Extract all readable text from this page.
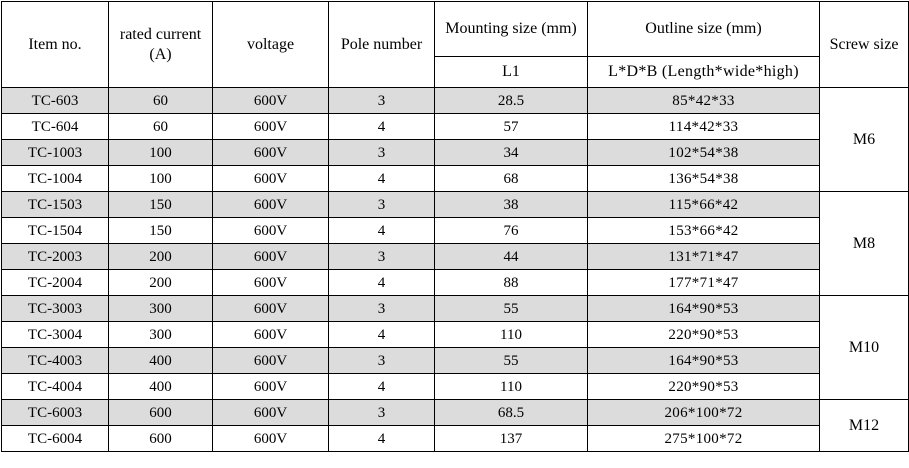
Item no.	rated current (A)	voltage	Pole number	Mounting size (mm)	Outline size (mm)	Screw size
				L1	L*D*B (Length*wide*high)	
TC-603	60	600V	3	28.5	85*42*33	M6
TC-604	60	600V	4	57	114*42*33	
TC-1003	100	600V	3	34	102*54*38	
TC-1004	100	600V	4	68	136*54*38	
TC-1503	150	600V	3	38	115*66*42	M8
TC-1504	150	600V	4	76	153*66*42	
TC-2003	200	600V	3	44	131*71*47	
TC-2004	200	600V	4	88	177*71*47	
TC-3003	300	600V	3	55	164*90*53	M10
TC-3004	300	600V	4	110	220*90*53	
TC-4003	400	600V	3	55	164*90*53	
TC-4004	400	600V	4	110	220*90*53	
TC-6003	600	600V	3	68.5	206*100*72	M12
TC-6004	600	600V	4	137	275*100*72	
